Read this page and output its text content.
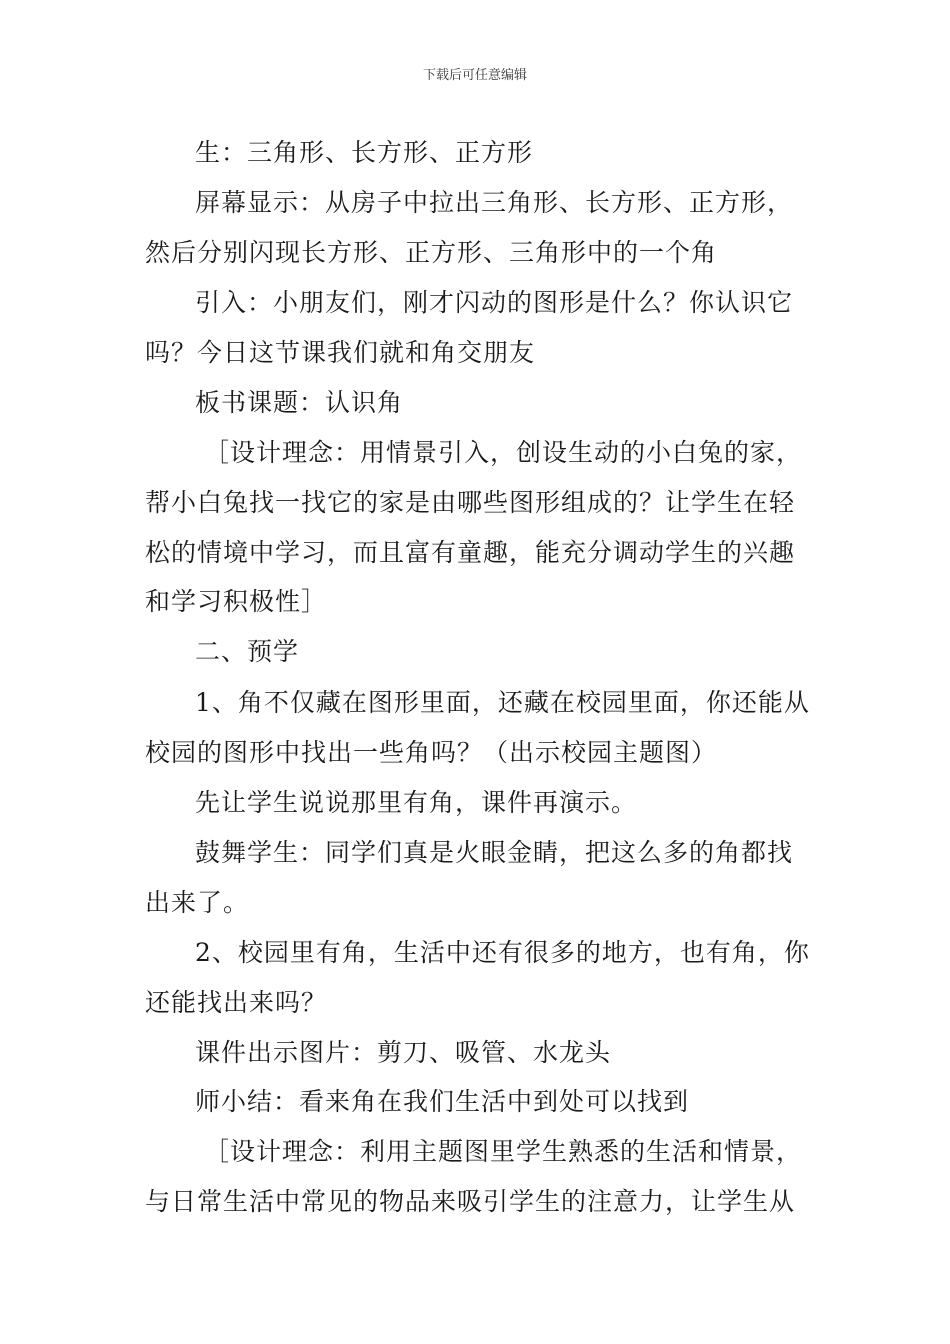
下载后可任意编辑
生：三角形、长方形、正方形
屏幕显示：从房子中拉出三角形、长方形、正方形，
然后分别闪现长方形、正方形、三角形中的一个角
引入：小朋友们，刚才闪动的图形是什么？你认识它
吗？今日这节课我们就和角交朋友
板书课题：认识角
［设计理念：用情景引入，创设生动的小白兔的家，
帮小白兔找一找它的家是由哪些图形组成的？让学生在轻
松的情境中学习，而且富有童趣，能充分调动学生的兴趣
和学习积极性］
二、预学
1、角不仅藏在图形里面，还藏在校园里面，你还能从
校园的图形中找出一些角吗？（出示校园主题图）
先让学生说说那里有角，课件再演示。
鼓舞学生：同学们真是火眼金睛，把这么多的角都找
出来了。
2、校园里有角，生活中还有很多的地方，也有角，你
还能找出来吗？
课件出示图片：剪刀、吸管、水龙头
师小结：看来角在我们生活中到处可以找到
［设计理念：利用主题图里学生熟悉的生活和情景，
与日常生活中常见的物品来吸引学生的注意力，让学生从
